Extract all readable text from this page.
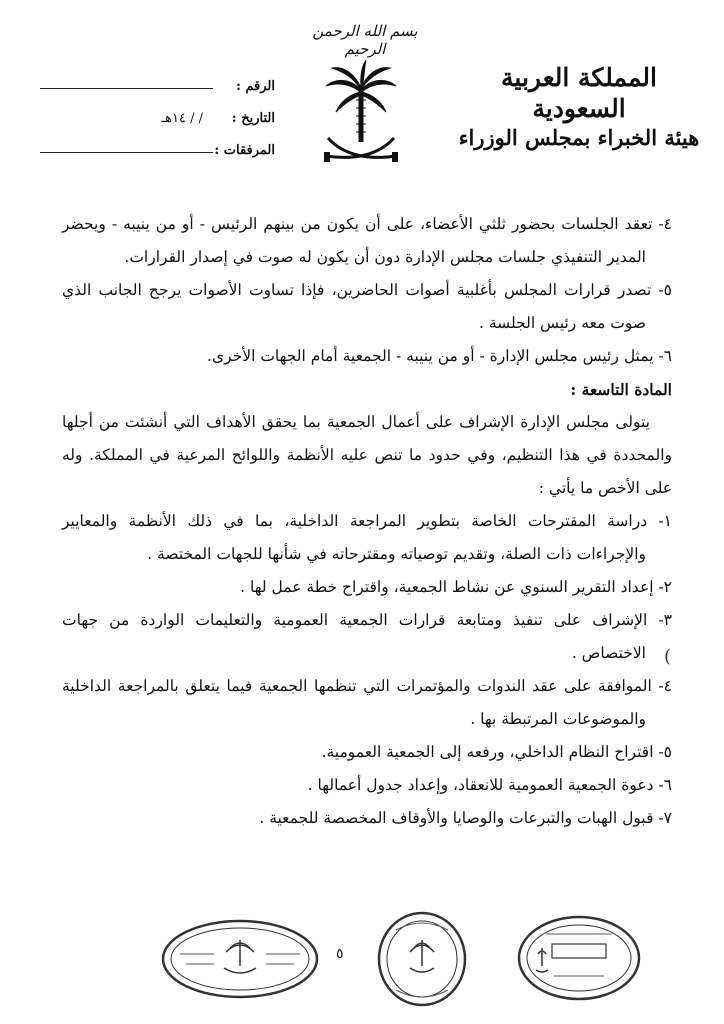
بسم الله الرحمن الرحيم
المملكة العربية السعودية
هيئة الخبراء بمجلس الوزراء
الرقم :
التاريخ :
/ / ١٤هـ
المرفقات :
٤- تعقد الجلسات بحضور ثلثي الأعضاء، على أن يكون من بينهم الرئيس - أو من ينيبه - ويحضر المدير التنفيذي جلسات مجلس الإدارة دون أن يكون له صوت في إصدار القرارات.
٥- تصدر قرارات المجلس بأغلبية أصوات الحاضرين، فإذا تساوت الأصوات يرجح الجانب الذي صوت معه رئيس الجلسة .
٦- يمثل رئيس مجلس الإدارة - أو من ينيبه - الجمعية أمام الجهات الأخرى.
المادة التاسعة :
يتولى مجلس الإدارة الإشراف على أعمال الجمعية بما يحقق الأهداف التي أنشئت من أجلها والمحددة في هذا التنظيم، وفي حدود ما تنص عليه الأنظمة واللوائح المرعية في المملكة. وله على الأخص ما يأتي :
١- دراسة المقترحات الخاصة بتطوير المراجعة الداخلية، بما في ذلك الأنظمة والمعايير والإجراءات ذات الصلة، وتقديم توصياته ومقترحاته في شأنها للجهات المختصة .
٢- إعداد التقرير السنوي عن نشاط الجمعية، واقتراح خطة عمل لها .
٣- الإشراف على تنفيذ ومتابعة قرارات الجمعية العمومية والتعليمات الواردة من جهات الاختصاص .
٤- الموافقة على عقد الندوات والمؤتمرات التي تنظمها الجمعية فيما يتعلق بالمراجعة الداخلية والموضوعات المرتبطة بها .
٥- اقتراح النظام الداخلي، ورفعه إلى الجمعية العمومية.
٦- دعوة الجمعية العمومية للانعقاد، وإعداد جدول أعمالها .
٧- قبول الهبات والتبرعات والوصايا والأوقاف المخصصة للجمعية .
(
٥
